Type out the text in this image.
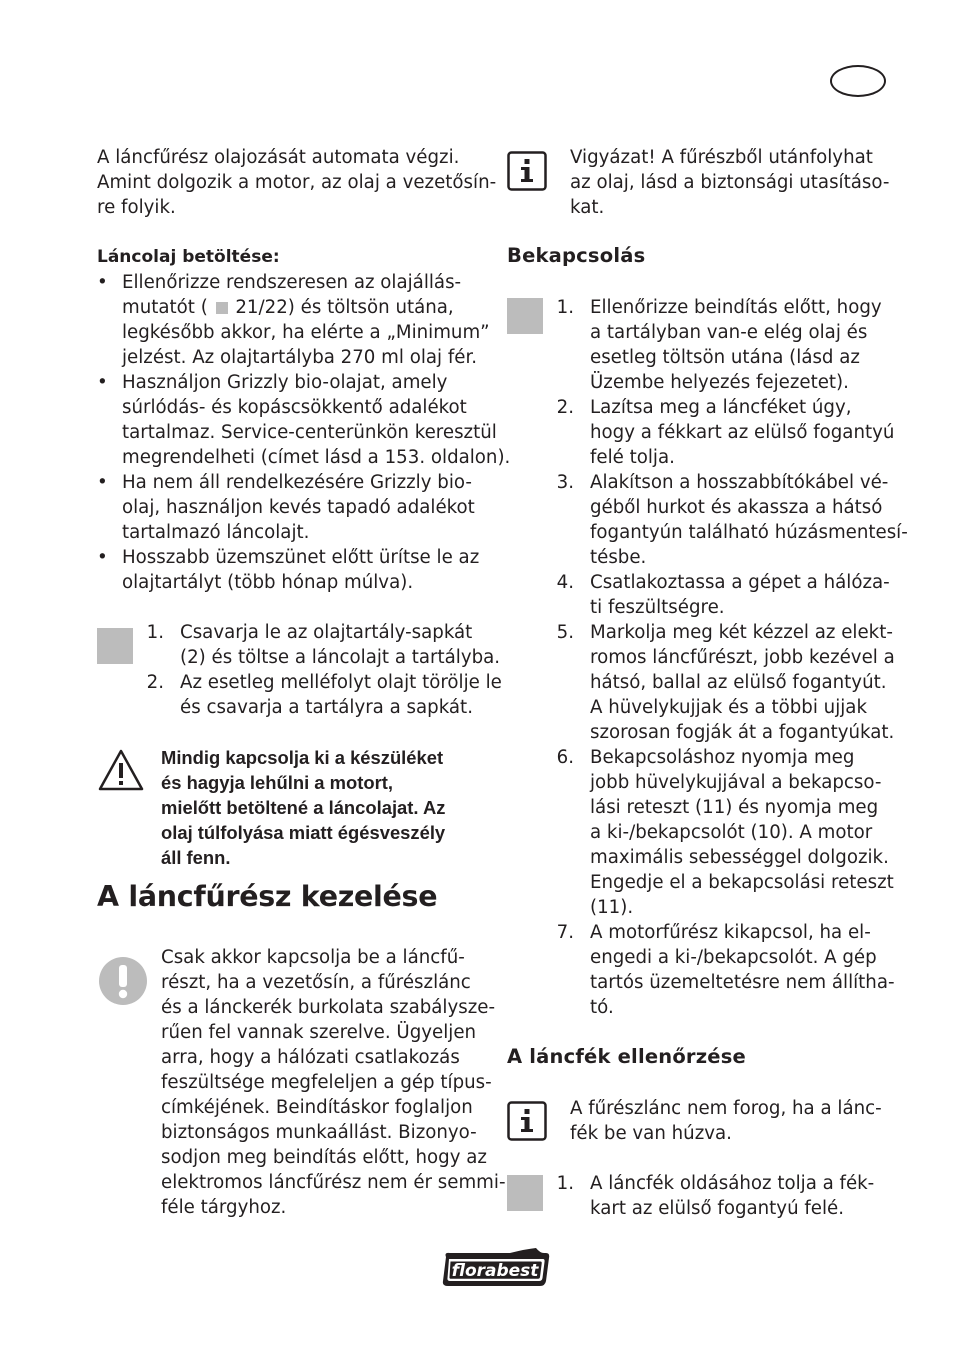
A láncfűrész olajozását automata végzi.
Amint dolgozik a motor, az olaj a vezetősín-
re folyik.
Láncolaj betöltése:
• Ellenőrizze rendszeresen az olajállás-
mutatót (  21/22) és töltsön utána,
legkésőbb akkor, ha elérte a „Minimum”
jelzést. Az olajtartályba 270 ml olaj fér.
• Használjon Grizzly bio-olajat, amely
súrlódás- és kopáscsökkentő adalékot
tartalmaz. Service-centerünkön keresztül
megrendelheti (címet lásd a 153. oldalon).
• Ha nem áll rendelkezésére Grizzly bio-
olaj, használjon kevés tapadó adalékot
tartalmazó láncolajt.
• Hosszabb üzemszünet előtt ürítse le az
olajtartályt (több hónap múlva).
1. Csavarja le az olajtartály-sapkát
(2) és töltse a láncolajt a tartályba.
2. Az esetleg melléfolyt olajt törölje le
és csavarja a tartályra a sapkát.
Mindig kapcsolja ki a készüléket
és hagyja lehűlni a motort,
mielőtt betöltené a láncolajat. Az
olaj túlfolyása miatt égésveszély
áll fenn.
A láncfűrész kezelése
Csak akkor kapcsolja be a láncfű-
részt, ha a vezetősín, a fűrészlánc
és a lánckerék burkolata szabálysze-
rűen fel vannak szerelve. Ügyeljen
arra, hogy a hálózati csatlakozás
feszültsége megfeleljen a gép típus-
címkéjének. Beindításkor foglaljon
biztonságos munkaállást. Bizonyo-
sodjon meg beindítás előtt, hogy az
elektromos láncfűrész nem ér semmi-
féle tárgyhoz.
Vigyázat! A fűrészből utánfolyhat
az olaj, lásd a biztonsági utasításo-
kat.
Bekapcsolás
1. Ellenőrizze beindítás előtt, hogy
a tartályban van-e elég olaj és
esetleg töltsön utána (lásd az
Üzembe helyezés fejezetet).
2. Lazítsa meg a láncféket úgy,
hogy a fékkart az elülső fogantyú
felé tolja.
3. Alakítson a hosszabbítókábel vé-
géből hurkot és akassza a hátsó
fogantyún található húzásmentesí-
tésbe.
4. Csatlakoztassa a gépet a hálóza-
ti feszültségre.
5. Markolja meg két kézzel az elekt-
romos láncfűrészt, jobb kezével a
hátsó, ballal az elülső fogantyút.
A hüvelykujjak és a többi ujjak
szorosan fogják át a fogantyúkat.
6. Bekapcsoláshoz nyomja meg
jobb hüvelykujjával a bekapcso-
lási reteszt (11) és nyomja meg
a ki-/bekapcsolót (10). A motor
maximális sebességgel dolgozik.
Engedje el a bekapcsolási reteszt
(11).
7. A motorfűrész kikapcsol, ha el-
engedi a ki-/bekapcsolót. A gép
tartós üzemeltetésre nem állítha-
tó.
A láncfék ellenőrzése
A fűrészlánc nem forog, ha a lánc-
fék be van húzva.
1. A láncfék oldásához tolja a fék-
kart az elülső fogantyú felé.
florabest
